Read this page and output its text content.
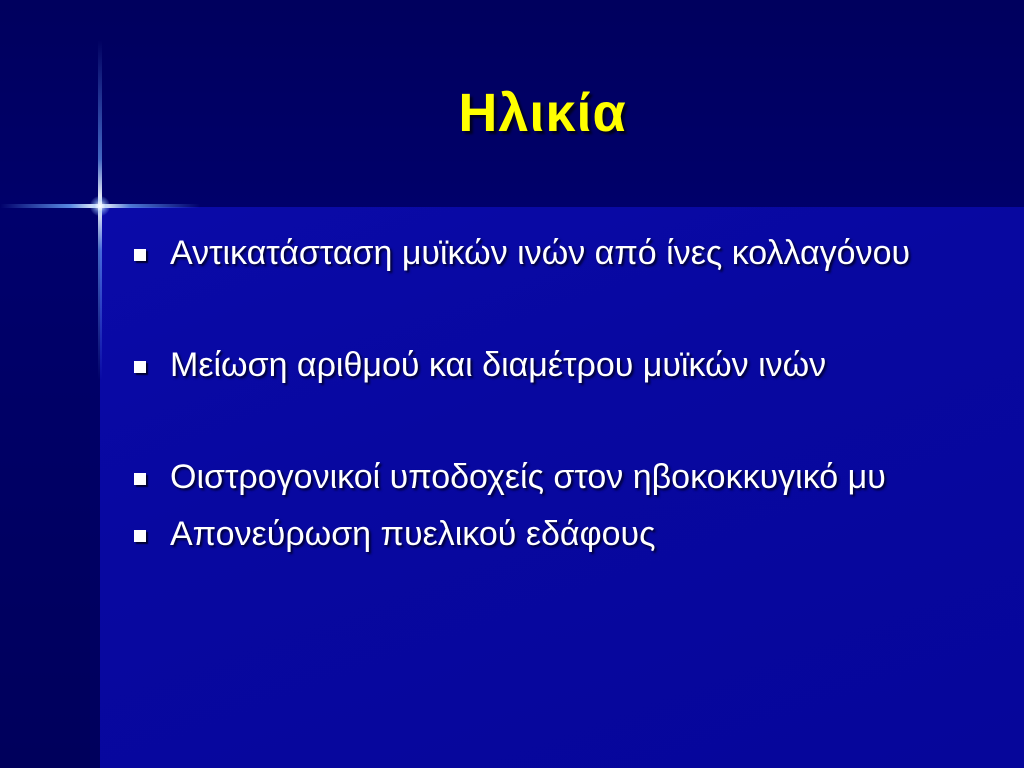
Ηλικία
Αντικατάσταση μυϊκών ινών από ίνες κολλαγόνου
Μείωση αριθμού και διαμέτρου μυϊκών ινών
Οιστρογονικοί υποδοχείς στον ηβοκοκκυγικό μυ
Απονεύρωση πυελικού εδάφους
